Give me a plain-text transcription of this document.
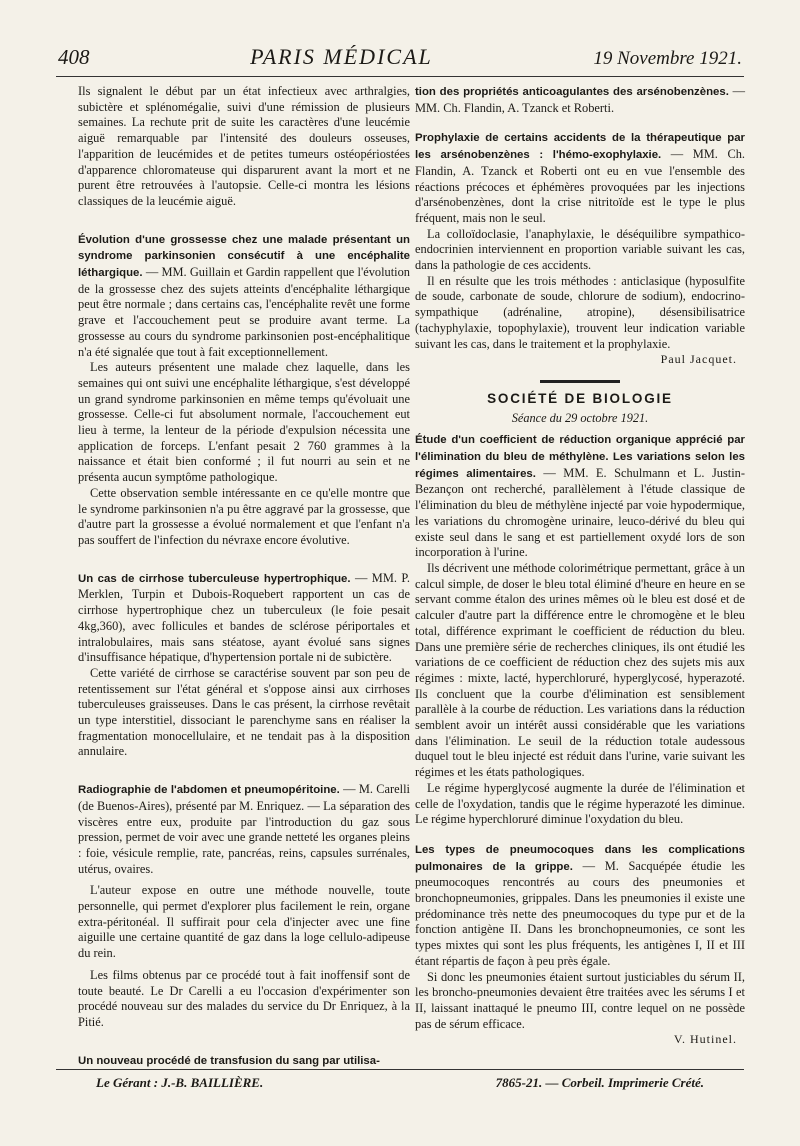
408	PARIS MÉDICAL	19 Novembre 1921.

Ils signalent le début par un état infectieux avec arthralgies, subictère et splénomégalie, suivi d'une rémission de plusieurs semaines. La rechute prit de suite les caractères d'une leucémie aiguë remarquable par l'intensité des douleurs osseuses, l'apparition de leucémides et de petites tumeurs ostéopériostées d'apparence chloromateuse qui disparurent avant la mort et ne purent être retrouvées à l'autopsie. Celle-ci montra les lésions classiques de la leucémie aiguë.

Évolution d'une grossesse chez une malade présentant un syndrome parkinsonien consécutif à une encéphalite léthargique. — MM. Guillain et Gardin rappellent que l'évolution de la grossesse chez des sujets atteints d'encéphalite léthargique peut être normale ; dans certains cas, l'encéphalite revêt une forme grave et l'accouchement peut se produire avant terme. La grossesse au cours du syndrome parkinsonien post-encéphalitique n'a été signalée que tout à fait exceptionnellement.

Les auteurs présentent une malade chez laquelle, dans les semaines qui ont suivi une encéphalite léthargique, s'est développé un grand syndrome parkinsonien en même temps qu'évoluait une grossesse. Celle-ci fut absolument normale, l'accouchement eut lieu à terme, la lenteur de la période d'expulsion nécessita une application de forceps. L'enfant pesait 2 760 grammes à la naissance et était bien conformé ; il fut nourri au sein et ne présenta aucun symptôme pathologique.

Cette observation semble intéressante en ce qu'elle montre que le syndrome parkinsonien n'a pu être aggravé par la grossesse, que d'autre part la grossesse a évolué normalement et que l'enfant n'a pas souffert de l'infection du névraxe encore évolutive.

Un cas de cirrhose tuberculeuse hypertrophique. — MM. P. Merklen, Turpin et Dubois-Roquebert rapportent un cas de cirrhose hypertrophique chez un tuberculeux (le foie pesait 4kg,360), avec follicules et bandes de sclérose périportales et intralobulaires, mais sans stéatose, ayant évolué sans signes d'insuffisance hépatique, d'hypertension portale ni de subictère.

Cette variété de cirrhose se caractérise souvent par son peu de retentissement sur l'état général et s'oppose ainsi aux cirrhoses tuberculeuses graisseuses. Dans le cas présent, la cirrhose revêtait un type interstitiel, dissociant le parenchyme sans en réaliser la fragmentation monocellulaire, et ne tendait pas à la disposition annulaire.

Radiographie de l'abdomen et pneumopéritoine. — M. Carelli (de Buenos-Aires), présenté par M. Enriquez. — La séparation des viscères entre eux, produite par l'introduction du gaz sous pression, permet de voir avec une grande netteté les organes pleins : foie, vésicule remplie, rate, pancréas, reins, capsules surrénales, utérus, ovaires.

L'auteur expose en outre une méthode nouvelle, toute personnelle, qui permet d'explorer plus facilement le rein, organe extra-péritonéal. Il suffirait pour cela d'injecter avec une fine aiguille une certaine quantité de gaz dans la loge cellulo-adipeuse du rein.

Les films obtenus par ce procédé tout à fait inoffensif sont de toute beauté. Le Dr Carelli a eu l'occasion d'expérimenter son procédé nouveau sur des malades du service du Dr Enriquez, à la Pitié.

Un nouveau procédé de transfusion du sang par utilisa-

tion des propriétés anticoagulantes des arsénobenzènes. — MM. Ch. Flandin, A. Tzanck et Roberti.

Prophylaxie de certains accidents de la thérapeutique par les arsénobenzènes : l'hémo-exophylaxie. — MM. Ch. Flandin, A. Tzanck et Roberti ont eu en vue l'ensemble des réactions précoces et éphémères provoquées par les injections d'arsénobenzènes, dont la crise nitritoïde est le type le plus fréquent, mais non le seul.

La colloïdoclasie, l'anaphylaxie, le déséquilibre sympathico-endocrinien interviennent en proportion variable suivant les cas, dans la pathologie de ces accidents.

Il en résulte que les trois méthodes : anticlasique (hyposulfite de soude, carbonate de soude, chlorure de sodium), endocrino-sympathique (adrénaline, atropine), désensibilisatrice (tachyphylaxie, topophylaxie), trouvent leur indication variable suivant les cas, dans le traitement et la prophylaxie.

Paul Jacquet.
SOCIÉTÉ DE BIOLOGIE
Séance du 29 octobre 1921.

Étude d'un coefficient de réduction organique apprécié par l'élimination du bleu de méthylène. Les variations selon les régimes alimentaires. — MM. E. Schulmann et L. Justin-Bezançon ont recherché, parallèlement à l'étude classique de l'élimination du bleu de méthylène injecté par voie hypodermique, les variations du chromogène urinaire, leuco-dérivé du bleu qui existe seul dans le sang et est partiellement oxydé lors de son incorporation à l'urine.

Ils décrivent une méthode colorimétrique permettant, grâce à un calcul simple, de doser le bleu total éliminé d'heure en heure en se servant comme étalon des urines mêmes où le bleu est dosé et de calculer d'autre part la différence entre le chromogène et le bleu total, différence exprimant le coefficient de réduction du bleu. Dans une première série de recherches cliniques, ils ont étudié les variations de ce coefficient de réduction chez des sujets mis aux régimes : mixte, lacté, hyperchloruré, hyperglycosé, hyperazoté. Ils concluent que la courbe d'élimination est sensiblement parallèle à la courbe de réduction. Les variations dans la réduction semblent avoir un intérêt aussi considérable que les variations dans l'élimination. Le seuil de la réduction totale audessous duquel tout le bleu injecté est réduit dans l'urine, varie suivant les régimes et les états pathologiques.

Le régime hyperglycosé augmente la durée de l'élimination et celle de l'oxydation, tandis que le régime hyperazoté les diminue. Le régime hyperchloruré diminue l'oxydation du bleu.

Les types de pneumocoques dans les complications pulmonaires de la grippe. — M. Sacquépée étudie les pneumocoques rencontrés au cours des pneumonies et bronchopneumonies, grippales. Dans les pneumonies il existe une prédominance très nette des pneumocoques du type pur et de la fonction antigène II. Dans les bronchopneumonies, ce sont les types mixtes qui sont les plus fréquents, les antigènes I, II et III étant répartis de façon à peu près égale.

Si donc les pneumonies étaient surtout justiciables du sérum II, les broncho-pneumonies devaient être traitées avec les sérums I et II, laissant inattaqué le pneumo III, contre lequel on ne possède pas de sérum efficace.

V. Hutinel.
Le Gérant : J.-B. BAILLIÈRE.	7865-21. — Corbeil. Imprimerie Crété.
